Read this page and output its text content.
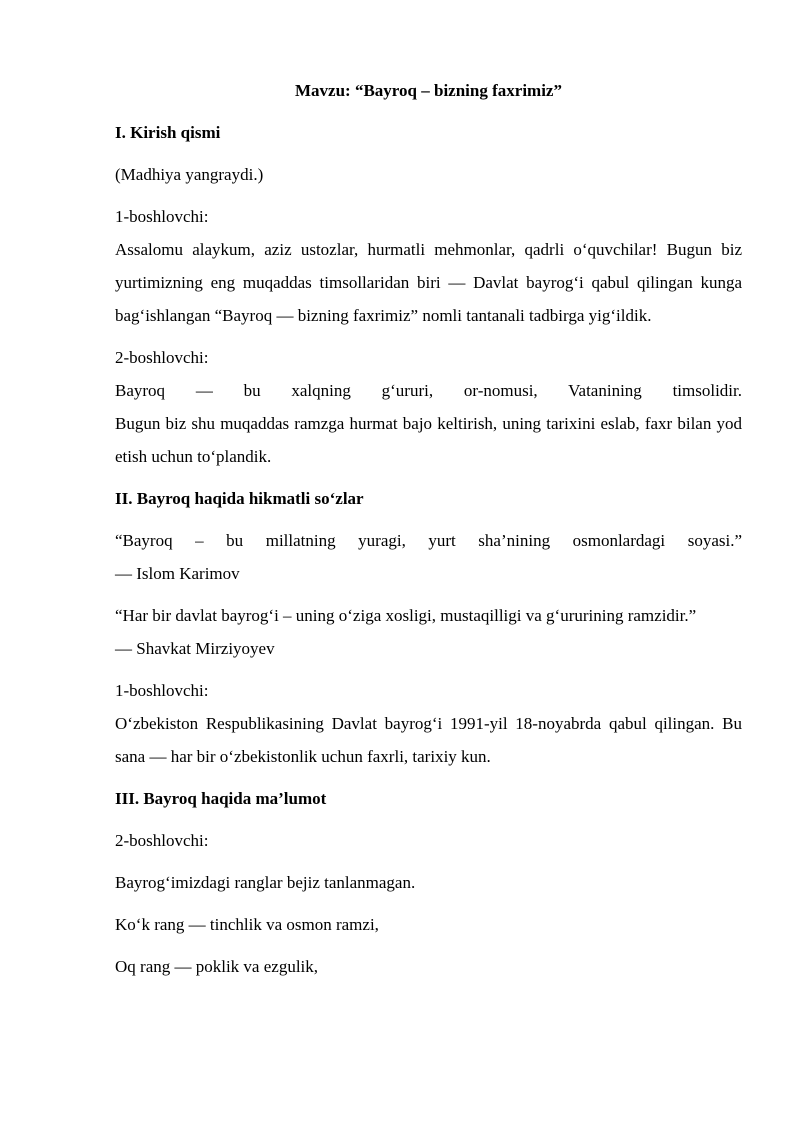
Mavzu: “Bayroq – bizning faxrimiz”
I. Kirish qismi
(Madhiya yangraydi.)
1-boshlovchi:
Assalomu alaykum, aziz ustozlar, hurmatli mehmonlar, qadrli o‘quvchilar! Bugun biz yurtimizning eng muqaddas timsollaridan biri — Davlat bayrog‘i qabul qilingan kunga bag‘ishlangan “Bayroq — bizning faxrimiz” nomli tantanali tadbirga yig‘ildik.
2-boshlovchi:
Bayroq — bu xalqning g‘ururi, or-nomusi, Vatanining timsolidir.
Bugun biz shu muqaddas ramzga hurmat bajo keltirish, uning tarixini eslab, faxr bilan yod etish uchun to‘plandik.
II. Bayroq haqida hikmatli so‘zlar
“Bayroq – bu millatning yuragi, yurt sha’nining osmonlardagi soyasi.”
— Islom Karimov
“Har bir davlat bayrog‘i – uning o‘ziga xosligi, mustaqilligi va g‘ururining ramzidir.”
— Shavkat Mirziyoyev
1-boshlovchi:
O‘zbekiston Respublikasining Davlat bayrog‘i 1991-yil 18-noyabrda qabul qilingan. Bu sana — har bir o‘zbekistonlik uchun faxrli, tarixiy kun.
III. Bayroq haqida ma’lumot
2-boshlovchi:
Bayrog‘imizdagi ranglar bejiz tanlanmagan.
Ko‘k rang — tinchlik va osmon ramzi,
Oq rang — poklik va ezgulik,
